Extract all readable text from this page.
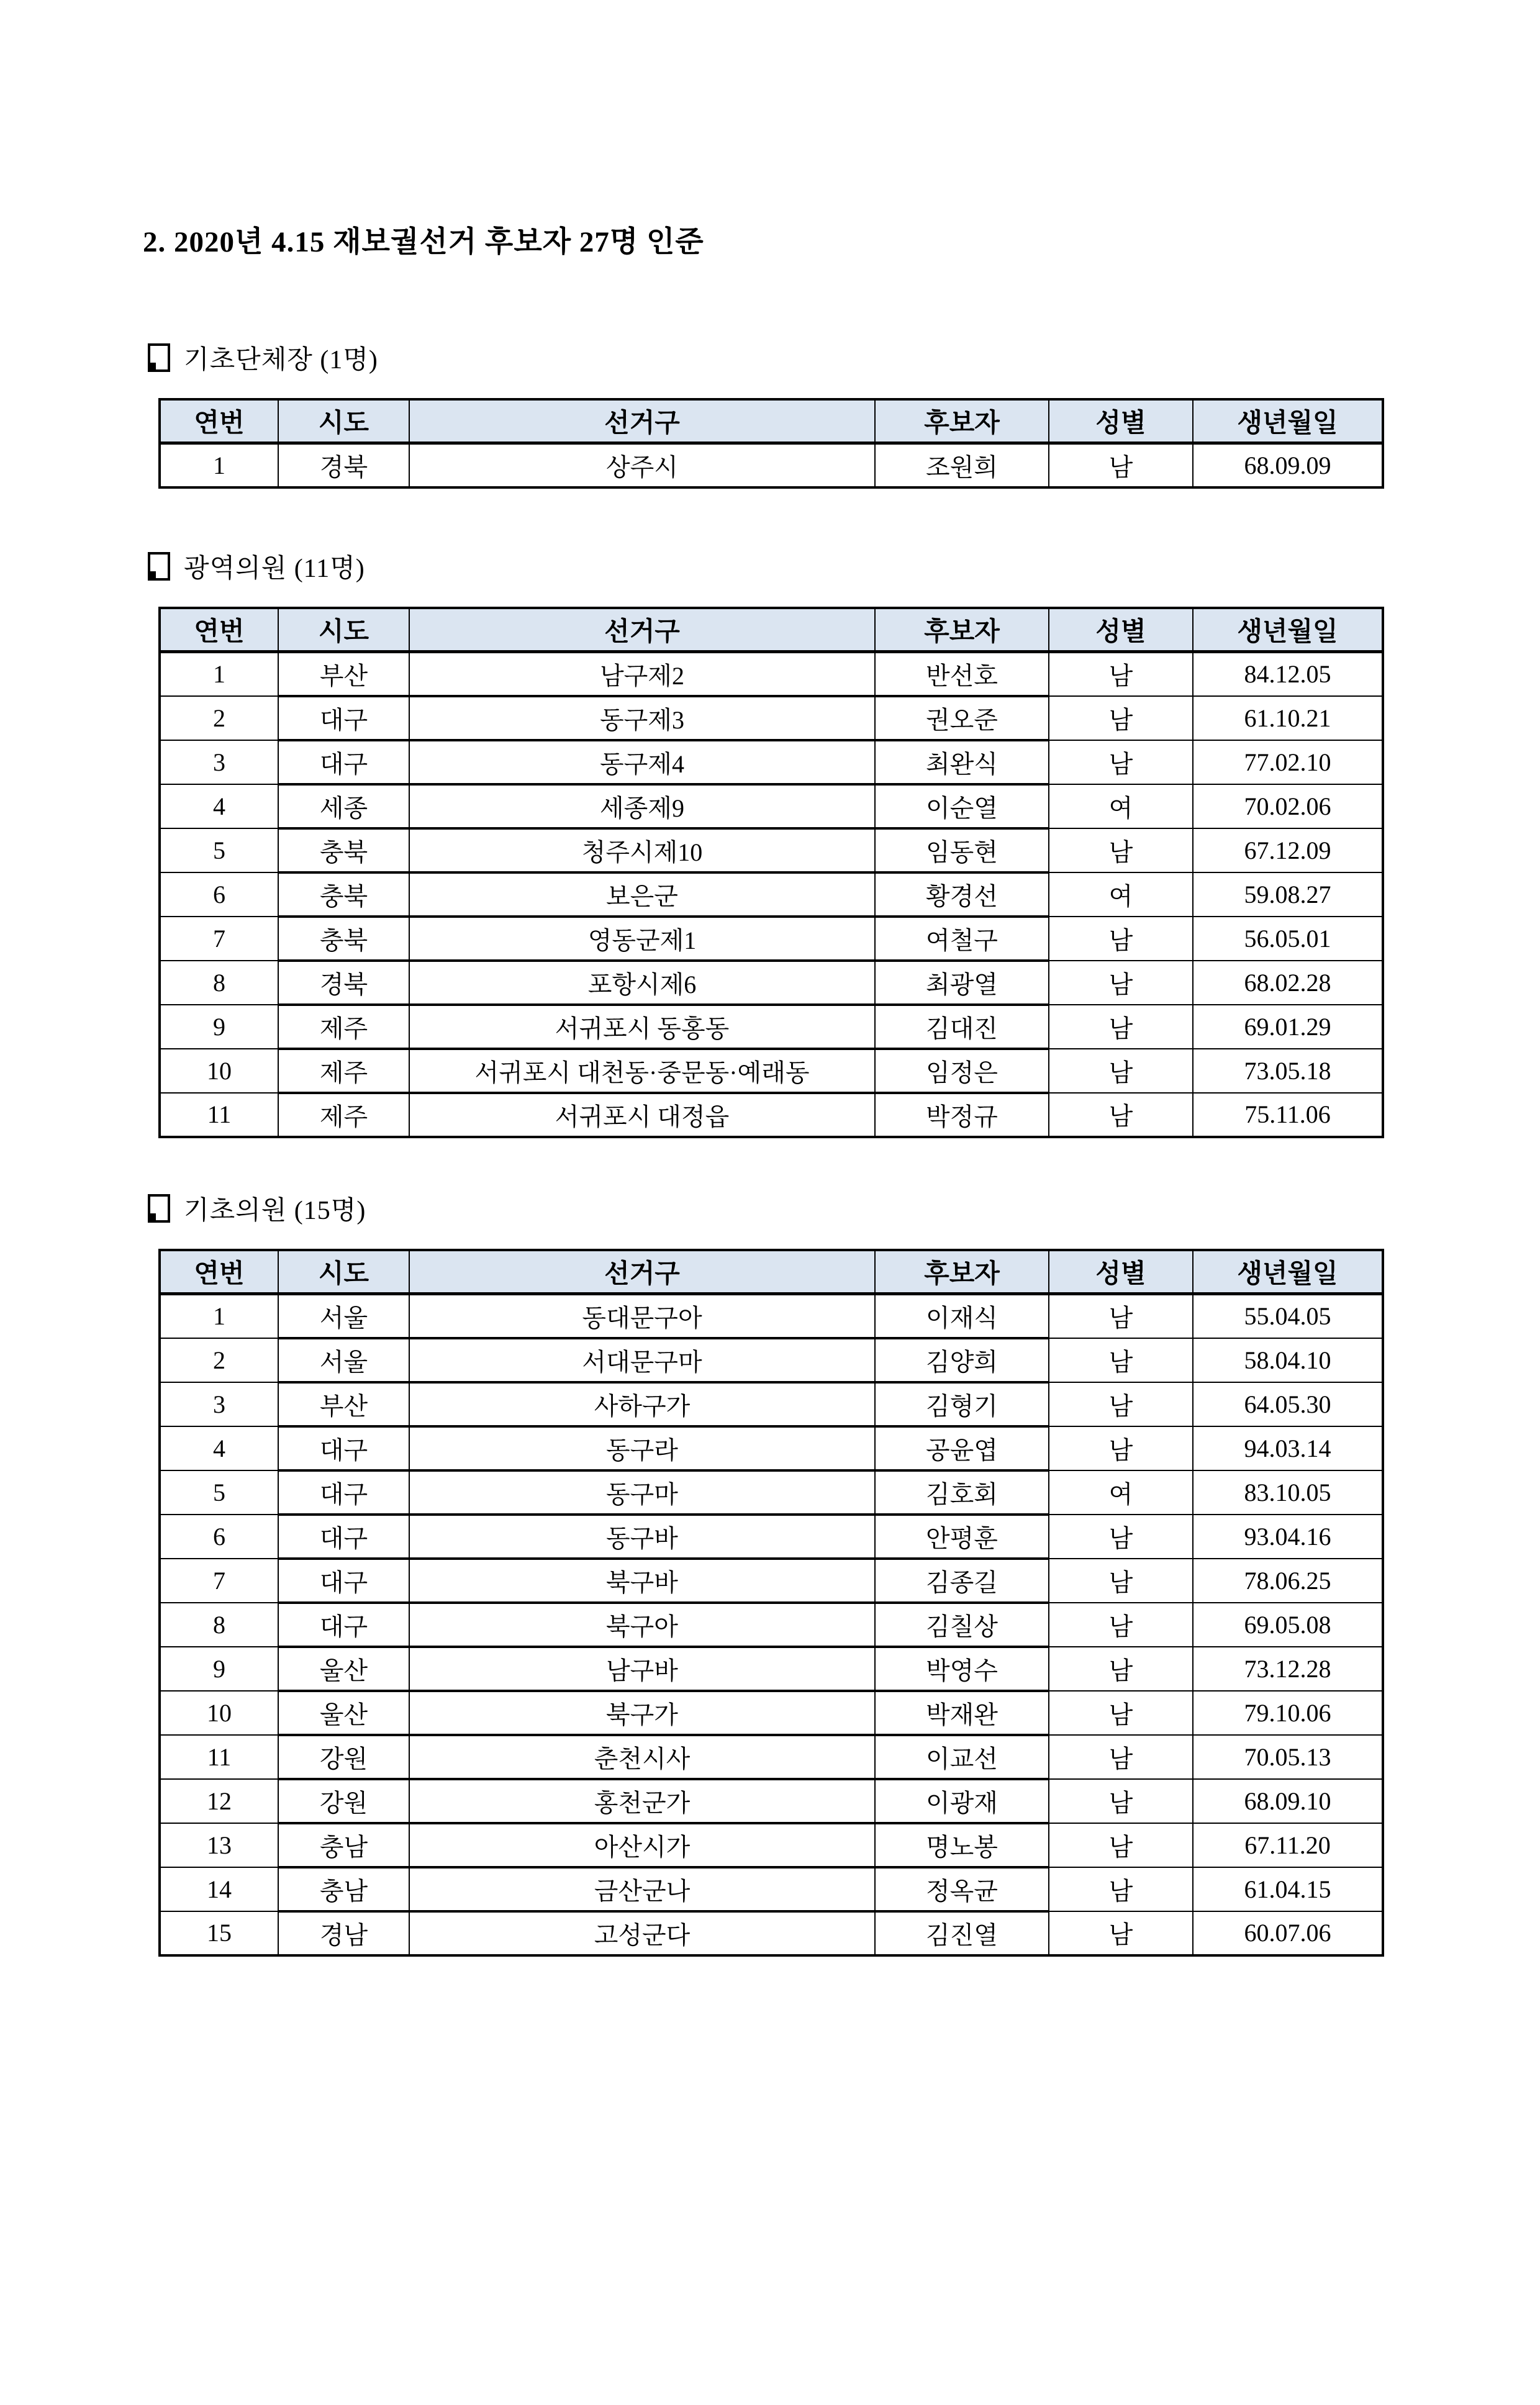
2. 2020년 4.15 재보궐선거 후보자 27명 인준
기초단체장 (1명)
연번	시도	선거구	후보자	성별	생년월일
1	경북	상주시	조원희	남	68.09.09
광역의원 (11명)
연번	시도	선거구	후보자	성별	생년월일
1	부산	남구제2	반선호	남	84.12.05
2	대구	동구제3	권오준	남	61.10.21
3	대구	동구제4	최완식	남	77.02.10
4	세종	세종제9	이순열	여	70.02.06
5	충북	청주시제10	임동현	남	67.12.09
6	충북	보은군	황경선	여	59.08.27
7	충북	영동군제1	여철구	남	56.05.01
8	경북	포항시제6	최광열	남	68.02.28
9	제주	서귀포시 동홍동	김대진	남	69.01.29
10	제주	서귀포시 대천동·중문동·예래동	임정은	남	73.05.18
11	제주	서귀포시 대정읍	박정규	남	75.11.06
기초의원 (15명)
연번	시도	선거구	후보자	성별	생년월일
1	서울	동대문구아	이재식	남	55.04.05
2	서울	서대문구마	김양희	남	58.04.10
3	부산	사하구가	김형기	남	64.05.30
4	대구	동구라	공윤엽	남	94.03.14
5	대구	동구마	김호회	여	83.10.05
6	대구	동구바	안평훈	남	93.04.16
7	대구	북구바	김종길	남	78.06.25
8	대구	북구아	김칠상	남	69.05.08
9	울산	남구바	박영수	남	73.12.28
10	울산	북구가	박재완	남	79.10.06
11	강원	춘천시사	이교선	남	70.05.13
12	강원	홍천군가	이광재	남	68.09.10
13	충남	아산시가	명노봉	남	67.11.20
14	충남	금산군나	정옥균	남	61.04.15
15	경남	고성군다	김진열	남	60.07.06
